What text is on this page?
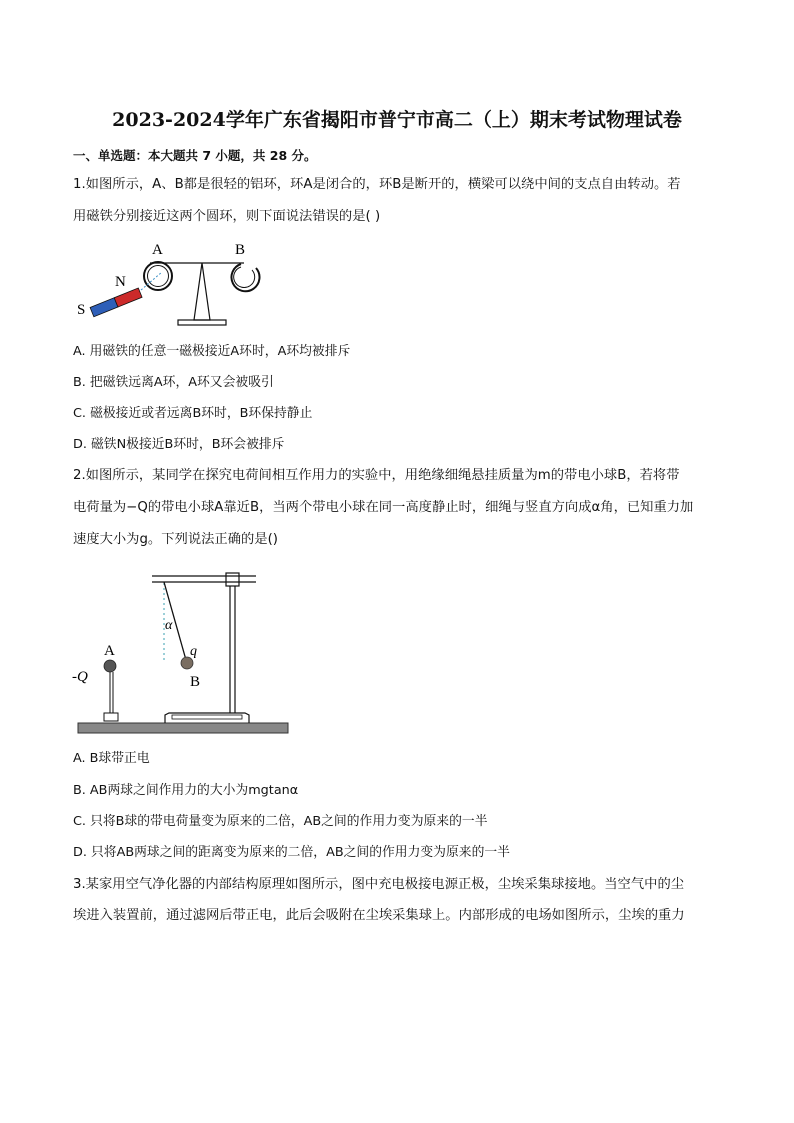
2023-2024学年广东省揭阳市普宁市高二（上）期末考试物理试卷
一、单选题：本大题共 7 小题，共 28 分。
1.如图所示，A、B都是很轻的铝环，环A是闭合的，环B是断开的，横梁可以绕中间的支点自由转动。若
用磁铁分别接近这两个圆环，则下面说法错误的是( )
A	B
N
S
A. 用磁铁的任意一磁极接近A环时，A环均被排斥
B. 把磁铁远离A环，A环又会被吸引
C. 磁极接近或者远离B环时，B环保持静止
D. 磁铁N极接近B环时，B环会被排斥
2.如图所示，某同学在探究电荷间相互作用力的实验中，用绝缘细绳悬挂质量为m的带电小球B，若将带
电荷量为−Q的带电小球A靠近B，当两个带电小球在同一高度静止时，细绳与竖直方向成α角，已知重力加
速度大小为g。下列说法正确的是()
A
B
q
-Q
α
A. B球带正电
B. AB两球之间作用力的大小为mgtanα
C. 只将B球的带电荷量变为原来的二倍，AB之间的作用力变为原来的一半
D. 只将AB两球之间的距离变为原来的二倍，AB之间的作用力变为原来的一半
3.某家用空气净化器的内部结构原理如图所示，图中充电极接电源正极，尘埃采集球接地。当空气中的尘
埃进入装置前，通过滤网后带正电，此后会吸附在尘埃采集球上。内部形成的电场如图所示，尘埃的重力
